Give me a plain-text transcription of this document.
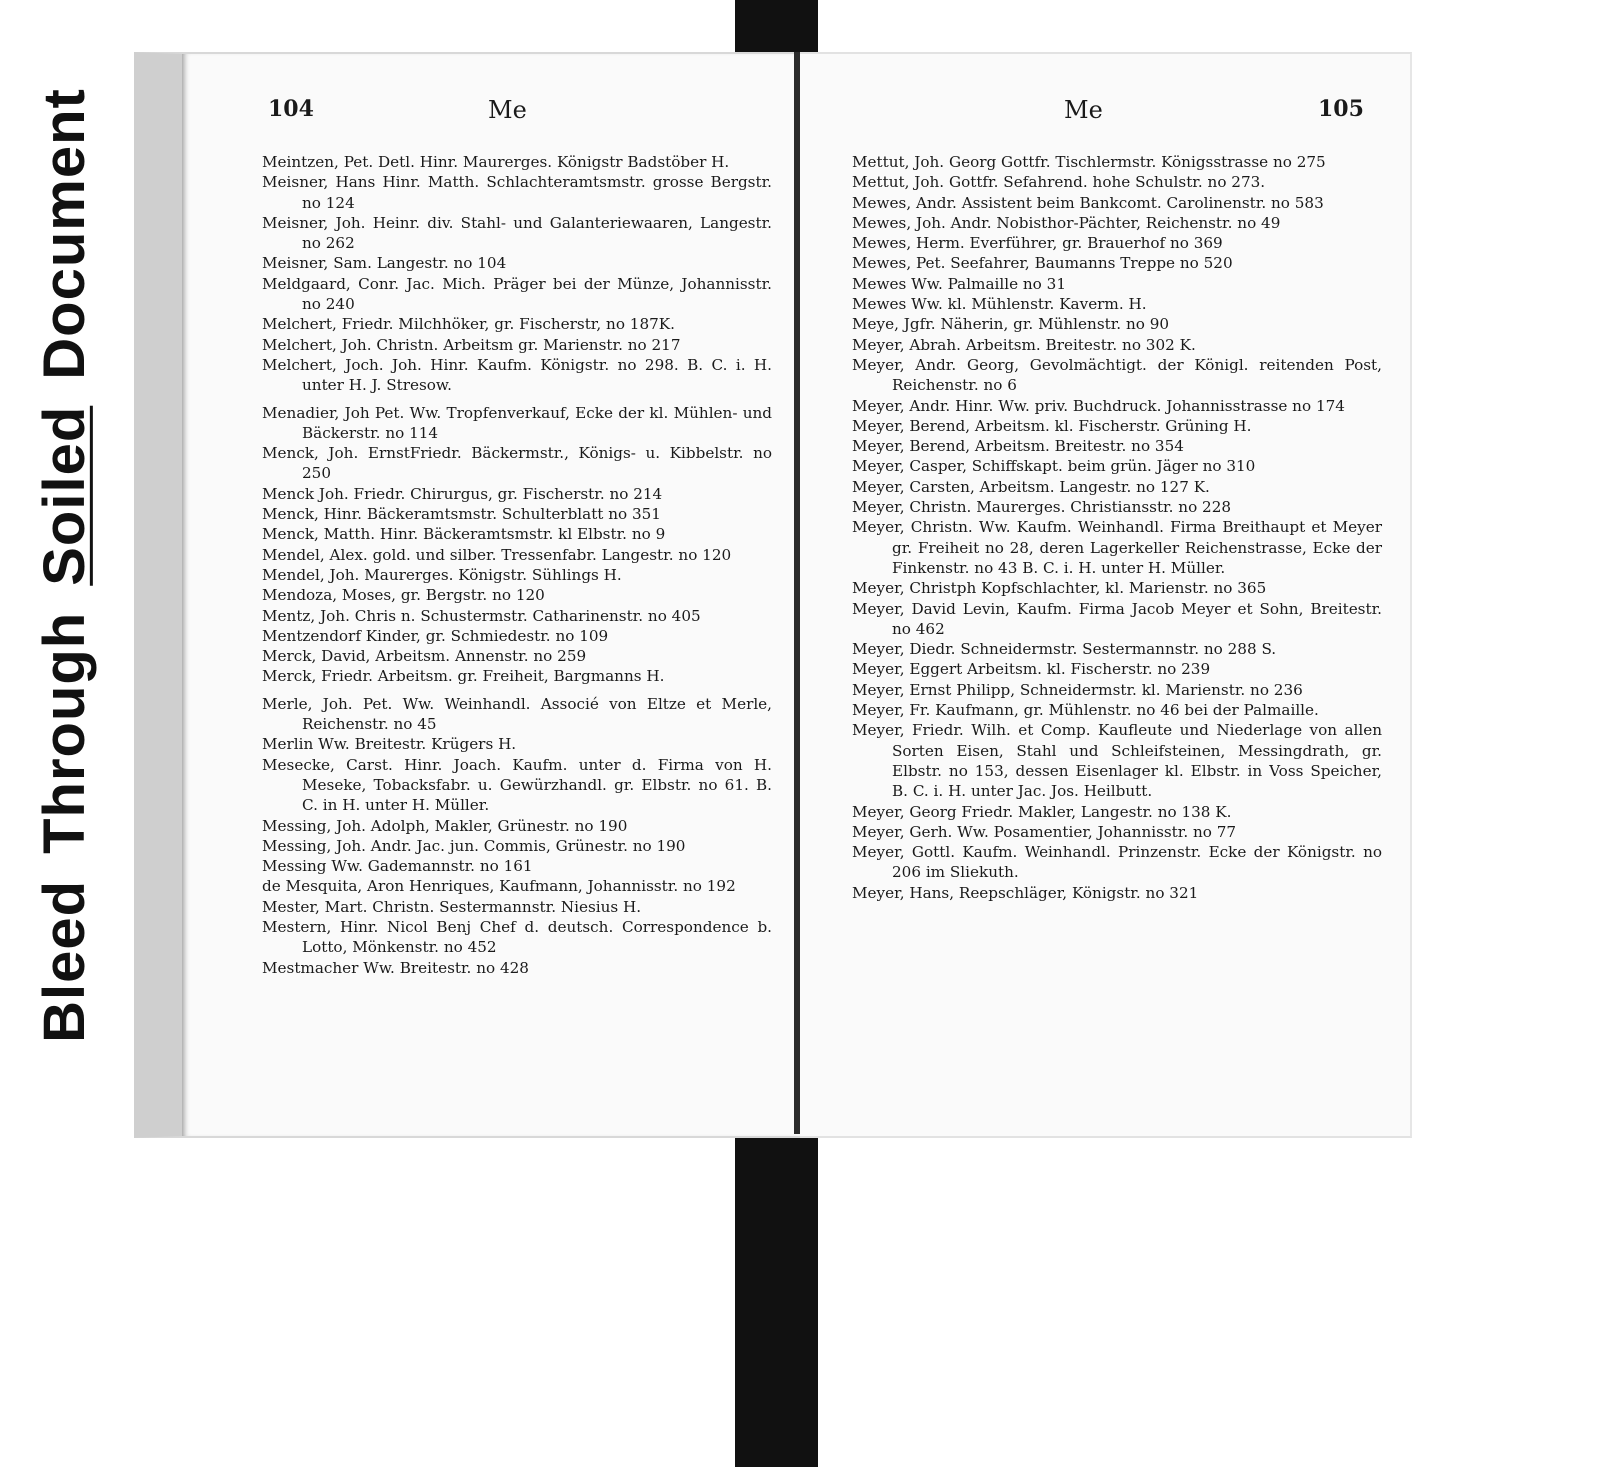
Bleed
Through
Soiled
Document	104	Me

Meintzen, Pet. Detl. Hinr. Maurerges. Königstr Badstöber H.

Meisner, Hans Hinr. Matth. Schlachteramtsmstr. grosse Bergstr. no 124

Meisner, Joh. Heinr. div. Stahl- und Galanteriewaaren, Langestr. no 262

Meisner, Sam. Langestr. no 104

Meldgaard, Conr. Jac. Mich. Präger bei der Münze, Johannisstr. no 240

Melchert, Friedr. Milchhöker, gr. Fischerstr, no 187K.

Melchert, Joh. Christn. Arbeitsm gr. Marienstr. no 217

Melchert, Joch. Joh. Hinr. Kaufm. Königstr. no 298. B. C. i. H. unter H. J. Stresow.

Menadier, Joh Pet. Ww. Tropfenverkauf, Ecke der kl. Mühlen- und Bäckerstr. no 114

Menck, Joh. ErnstFriedr. Bäckermstr., Königs- u. Kibbelstr. no 250

Menck Joh. Friedr. Chirurgus, gr. Fischerstr. no 214

Menck, Hinr. Bäckeramtsmstr. Schulterblatt no 351

Menck, Matth. Hinr. Bäckeramtsmstr. kl Elbstr. no 9

Mendel, Alex. gold. und silber. Tressenfabr. Langestr. no 120

Mendel, Joh. Maurerges. Königstr. Sühlings H.

Mendoza, Moses, gr. Bergstr. no 120

Mentz, Joh. Chris n. Schustermstr. Catharinenstr. no 405

Mentzendorf Kinder, gr. Schmiedestr. no 109

Merck, David, Arbeitsm. Annenstr. no 259

Merck, Friedr. Arbeitsm. gr. Freiheit, Bargmanns H.

Merle, Joh. Pet. Ww. Weinhandl. Associé von Eltze et Merle, Reichenstr. no 45

Merlin Ww. Breitestr. Krügers H.

Mesecke, Carst. Hinr. Joach. Kaufm. unter d. Firma von H. Meseke, Tobacksfabr. u. Gewürzhandl. gr. Elbstr. no 61. B. C. in H. unter H. Müller.

Messing, Joh. Adolph, Makler, Grünestr. no 190

Messing, Joh. Andr. Jac. jun. Commis, Grünestr. no 190

Messing Ww. Gademannstr. no 161

de Mesquita, Aron Henriques, Kaufmann, Johannisstr. no 192

Mester, Mart. Christn. Sestermannstr. Niesius H.

Mestern, Hinr. Nicol Benj Chef d. deutsch. Correspondence b. Lotto, Mönkenstr. no 452

Mestmacher Ww. Breitestr. no 428

Me	105

Mettut, Joh. Georg Gottfr. Tischlermstr. Königsstrasse no 275

Mettut, Joh. Gottfr. Sefahrend. hohe Schulstr. no 273.

Mewes, Andr. Assistent beim Bankcomt. Carolinenstr. no 583

Mewes, Joh. Andr. Nobisthor-Pächter, Reichenstr. no 49

Mewes, Herm. Everführer, gr. Brauerhof no 369

Mewes, Pet. Seefahrer, Baumanns Treppe no 520

Mewes Ww. Palmaille no 31

Mewes Ww. kl. Mühlenstr. Kaverm. H.

Meye, Jgfr. Näherin, gr. Mühlenstr. no 90

Meyer, Abrah. Arbeitsm. Breitestr. no 302 K.

Meyer, Andr. Georg, Gevolmächtigt. der Königl. reitenden Post, Reichenstr. no 6

Meyer, Andr. Hinr. Ww. priv. Buchdruck. Johannisstrasse no 174

Meyer, Berend, Arbeitsm. kl. Fischerstr. Grüning H.

Meyer, Berend, Arbeitsm. Breitestr. no 354

Meyer, Casper, Schiffskapt. beim grün. Jäger no 310

Meyer, Carsten, Arbeitsm. Langestr. no 127 K.

Meyer, Christn. Maurerges. Christiansstr. no 228

Meyer, Christn. Ww. Kaufm. Weinhandl. Firma Breithaupt et Meyer gr. Freiheit no 28, deren Lagerkeller Reichenstrasse, Ecke der Finkenstr. no 43 B. C. i. H. unter H. Müller.

Meyer, Christph Kopfschlachter, kl. Marienstr. no 365

Meyer, David Levin, Kaufm. Firma Jacob Meyer et Sohn, Breitestr. no 462

Meyer, Diedr. Schneidermstr. Sestermannstr. no 288 S.

Meyer, Eggert Arbeitsm. kl. Fischerstr. no 239

Meyer, Ernst Philipp, Schneidermstr. kl. Marienstr. no 236

Meyer, Fr. Kaufmann, gr. Mühlenstr. no 46 bei der Palmaille.

Meyer, Friedr. Wilh. et Comp. Kaufleute und Niederlage von allen Sorten Eisen, Stahl und Schleifsteinen, Messingdrath, gr. Elbstr. no 153, dessen Eisenlager kl. Elbstr. in Voss Speicher, B. C. i. H. unter Jac. Jos. Heilbutt.

Meyer, Georg Friedr. Makler, Langestr. no 138 K.

Meyer, Gerh. Ww. Posamentier, Johannisstr. no 77

Meyer, Gottl. Kaufm. Weinhandl. Prinzenstr. Ecke der Königstr. no 206 im Sliekuth.

Meyer, Hans, Reepschläger, Königstr. no 321
